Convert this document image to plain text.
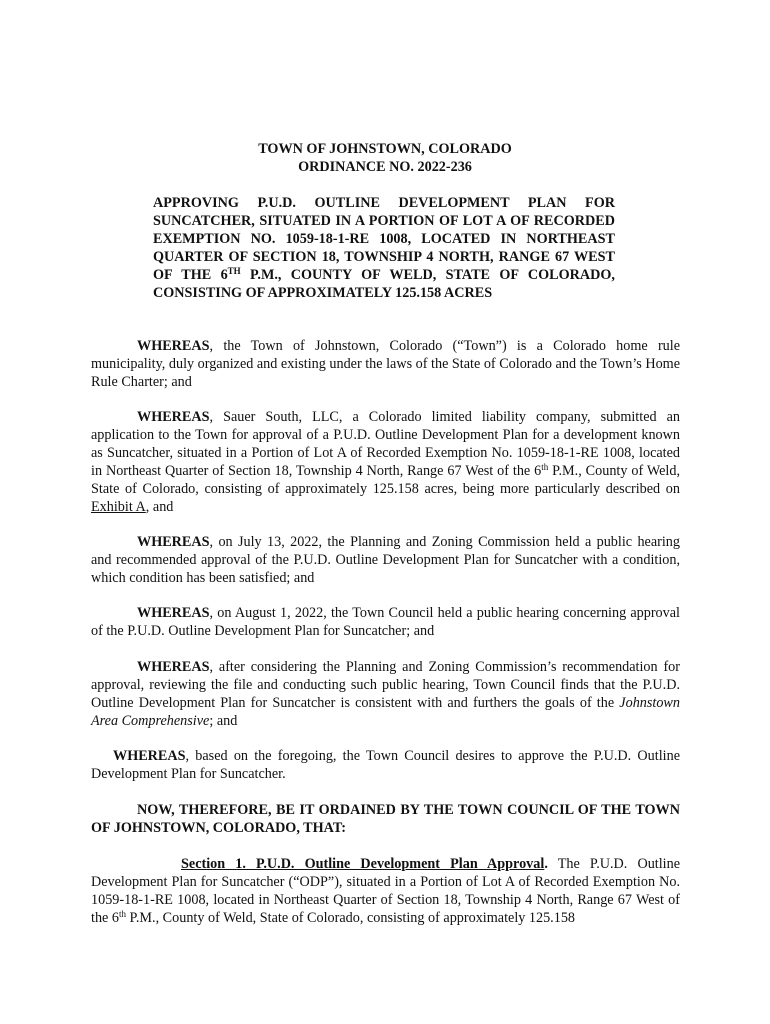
TOWN OF JOHNSTOWN, COLORADO
ORDINANCE NO. 2022-236
APPROVING P.U.D. OUTLINE DEVELOPMENT PLAN FOR SUNCATCHER, SITUATED IN A PORTION OF LOT A OF RECORDED EXEMPTION NO. 1059-18-1-RE 1008, LOCATED IN NORTHEAST QUARTER OF SECTION 18, TOWNSHIP 4 NORTH, RANGE 67 WEST OF THE 6TH P.M., COUNTY OF WELD, STATE OF COLORADO, CONSISTING OF APPROXIMATELY 125.158 ACRES
WHEREAS, the Town of Johnstown, Colorado (“Town”) is a Colorado home rule municipality, duly organized and existing under the laws of the State of Colorado and the Town’s Home Rule Charter; and
WHEREAS, Sauer South, LLC, a Colorado limited liability company, submitted an application to the Town for approval of a P.U.D. Outline Development Plan for a development known as Suncatcher, situated in a Portion of Lot A of Recorded Exemption No. 1059-18-1-RE 1008, located in Northeast Quarter of Section 18, Township 4 North, Range 67 West of the 6th P.M., County of Weld, State of Colorado, consisting of approximately 125.158 acres, being more particularly described on Exhibit A, and
WHEREAS, on July 13, 2022, the Planning and Zoning Commission held a public hearing and recommended approval of the P.U.D. Outline Development Plan for Suncatcher with a condition, which condition has been satisfied; and
WHEREAS, on August 1, 2022, the Town Council held a public hearing concerning approval of the P.U.D. Outline Development Plan for Suncatcher; and
WHEREAS, after considering the Planning and Zoning Commission’s recommendation for approval, reviewing the file and conducting such public hearing, Town Council finds that the P.U.D. Outline Development Plan for Suncatcher is consistent with and furthers the goals of the Johnstown Area Comprehensive; and
WHEREAS, based on the foregoing, the Town Council desires to approve the P.U.D. Outline Development Plan for Suncatcher.
NOW, THEREFORE, BE IT ORDAINED BY THE TOWN COUNCIL OF THE TOWN OF JOHNSTOWN, COLORADO, THAT:
Section 1. P.U.D. Outline Development Plan Approval. The P.U.D. Outline Development Plan for Suncatcher (“ODP”), situated in a Portion of Lot A of Recorded Exemption No. 1059-18-1-RE 1008, located in Northeast Quarter of Section 18, Township 4 North, Range 67 West of the 6th P.M., County of Weld, State of Colorado, consisting of approximately 125.158
